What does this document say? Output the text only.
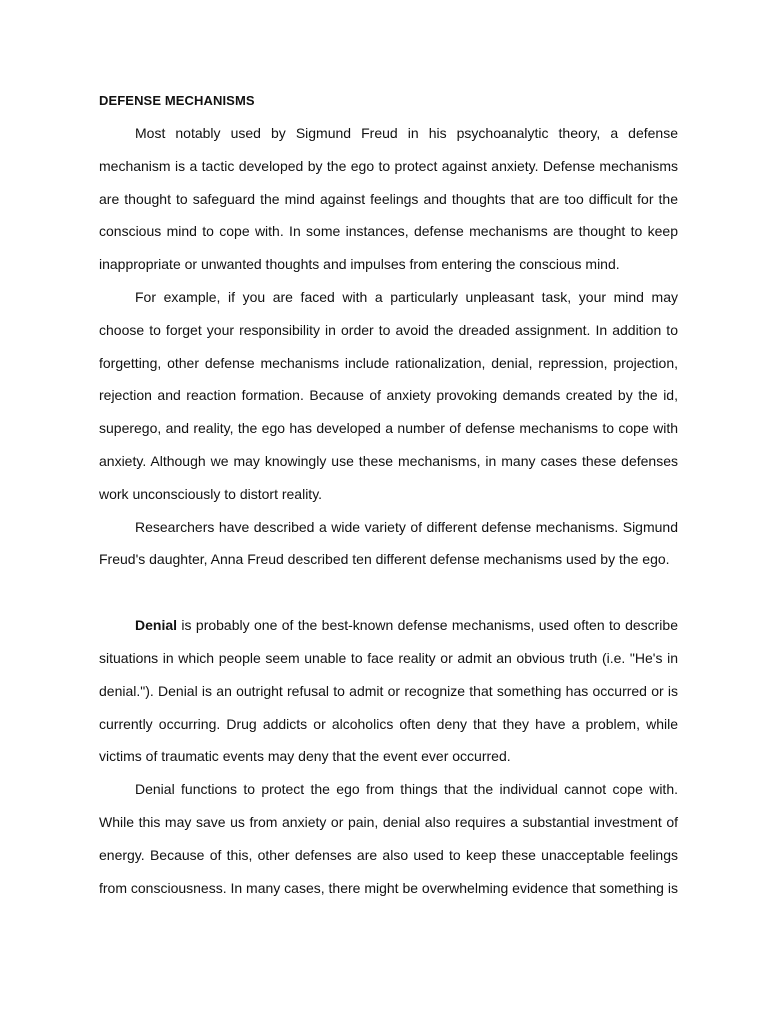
DEFENSE MECHANISMS

Most notably used by Sigmund Freud in his psychoanalytic theory, a defense mechanism is a tactic developed by the ego to protect against anxiety. Defense mechanisms are thought to safeguard the mind against feelings and thoughts that are too difficult for the conscious mind to cope with. In some instances, defense mechanisms are thought to keep inappropriate or unwanted thoughts and impulses from entering the conscious mind.

For example, if you are faced with a particularly unpleasant task, your mind may choose to forget your responsibility in order to avoid the dreaded assignment. In addition to forgetting, other defense mechanisms include rationalization, denial, repression, projection, rejection and reaction formation. Because of anxiety provoking demands created by the id, superego, and reality, the ego has developed a number of defense mechanisms to cope with anxiety. Although we may knowingly use these mechanisms, in many cases these defenses work unconsciously to distort reality.

Researchers have described a wide variety of different defense mechanisms. Sigmund Freud's daughter, Anna Freud described ten different defense mechanisms used by the ego.

Denial is probably one of the best-known defense mechanisms, used often to describe situations in which people seem unable to face reality or admit an obvious truth (i.e. "He's in denial."). Denial is an outright refusal to admit or recognize that something has occurred or is currently occurring. Drug addicts or alcoholics often deny that they have a problem, while victims of traumatic events may deny that the event ever occurred.

Denial functions to protect the ego from things that the individual cannot cope with. While this may save us from anxiety or pain, denial also requires a substantial investment of energy. Because of this, other defenses are also used to keep these unacceptable feelings from consciousness. In many cases, there might be overwhelming evidence that something is
